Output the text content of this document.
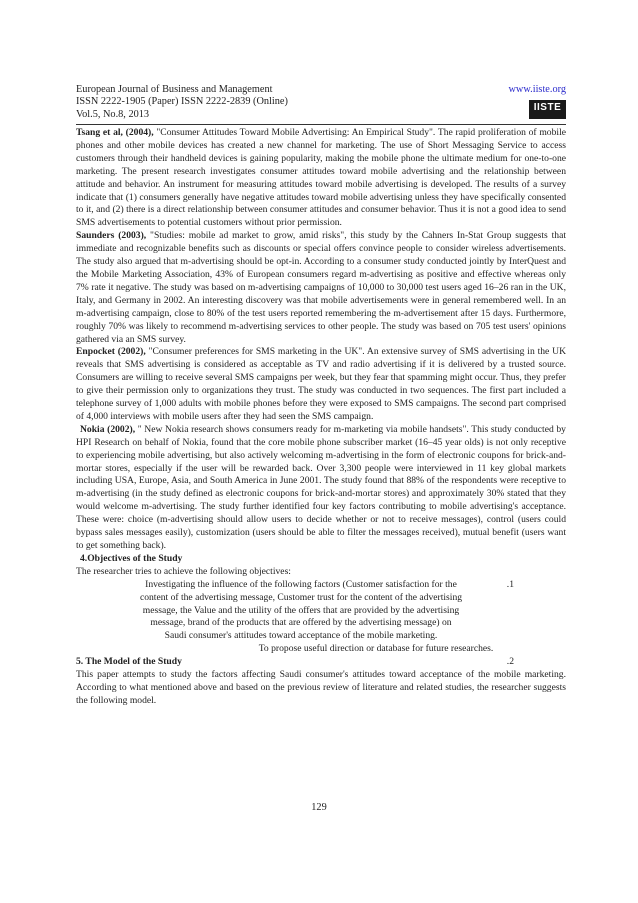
European Journal of Business and Management
ISSN 2222-1905 (Paper) ISSN 2222-2839 (Online)
Vol.5, No.8, 2013
www.iiste.org
IISTE

Tsang et al, (2004), "Consumer Attitudes Toward Mobile Advertising: An Empirical Study". The rapid proliferation of mobile phones and other mobile devices has created a new channel for marketing. The use of Short Messaging Service to access customers through their handheld devices is gaining popularity, making the mobile phone the ultimate medium for one-to-one marketing. The present research investigates consumer attitudes toward mobile advertising and the relationship between attitude and behavior. An instrument for measuring attitudes toward mobile advertising is developed. The results of a survey indicate that (1) consumers generally have negative attitudes toward mobile advertising unless they have specifically consented to it, and (2) there is a direct relationship between consumer attitudes and consumer behavior. Thus it is not a good idea to send SMS advertisements to potential customers without prior permission.

Saunders (2003), "Studies: mobile ad market to grow, amid risks", this study by the Cahners In-Stat Group suggests that immediate and recognizable benefits such as discounts or special offers convince people to consider wireless advertisements. The study also argued that m-advertising should be opt-in. According to a consumer study conducted jointly by InterQuest and the Mobile Marketing Association, 43% of European consumers regard m-advertising as positive and effective whereas only 7% rate it negative. The study was based on m-advertising campaigns of 10,000 to 30,000 test users aged 16–26 ran in the UK, Italy, and Germany in 2002. An interesting discovery was that mobile advertisements were in general remembered well. In an m-advertising campaign, close to 80% of the test users reported remembering the m-advertisement after 15 days. Furthermore, roughly 70% was likely to recommend m-advertising services to other people. The study was based on 705 test users' opinions gathered via an SMS survey.

Enpocket (2002), "Consumer preferences for SMS marketing in the UK". An extensive survey of SMS advertising in the UK reveals that SMS advertising is considered as acceptable as TV and radio advertising if it is delivered by a trusted source. Consumers are willing to receive several SMS campaigns per week, but they fear that spamming might occur. Thus, they prefer to give their permission only to organizations they trust. The study was conducted in two sequences. The first part included a telephone survey of 1,000 adults with mobile phones before they were exposed to SMS campaigns. The second part comprised of 4,000 interviews with mobile users after they had seen the SMS campaign.

Nokia (2002), " New Nokia research shows consumers ready for m-marketing via mobile handsets". This study conducted by HPI Research on behalf of Nokia, found that the core mobile phone subscriber market (16–45 year olds) is not only receptive to experiencing mobile advertising, but also actively welcoming m-advertising in the form of electronic coupons for brick-and-mortar stores, especially if the user will be rewarded back. Over 3,300 people were interviewed in 11 key global markets including USA, Europe, Asia, and South America in June 2001. The study found that 88% of the respondents were receptive to m-advertising (in the study defined as electronic coupons for brick-and-mortar stores) and approximately 30% stated that they would welcome m-advertising. The study further identified four key factors contributing to mobile advertising's acceptance. These were: choice (m-advertising should allow users to decide whether or not to receive messages), control (users could bypass sales messages easily), customization (users should be able to filter the messages received), mutual benefit (users want to get something back).

4.Objectives of the Study

The researcher tries to achieve the following objectives:

Investigating the influence of the following factors (Customer satisfaction for the	.1
content of the advertising message, Customer trust for the content of the advertising
message, the Value and the utility of the offers that are provided by the advertising
message, brand of the products that are offered by the advertising message) on
Saudi consumer's attitudes toward acceptance of the mobile marketing.
To propose useful direction or database for future researches.
.2

5. The Model of the Study

This paper attempts to study the factors affecting Saudi consumer's attitudes toward acceptance of the mobile marketing. According to what mentioned above and based on the previous review of literature and related studies, the researcher suggests the following model.

129
